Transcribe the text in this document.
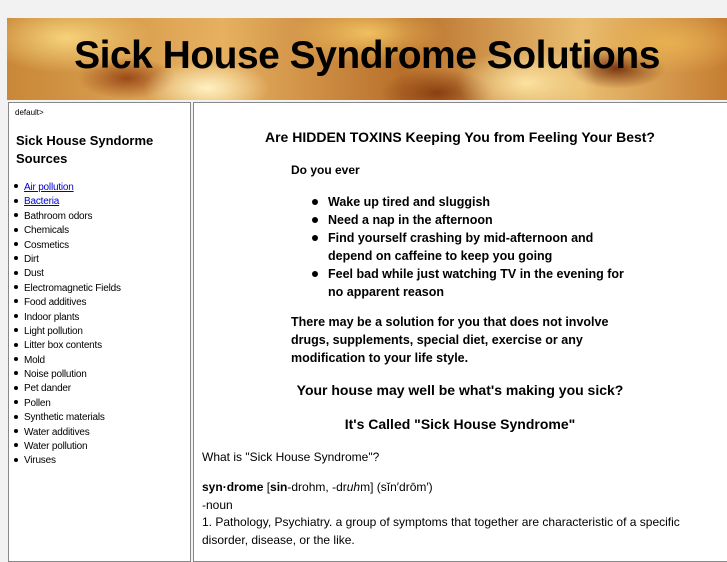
Sick House Syndrome Solutions
default>
Sick House Syndorme Sources
Air pollution
Bacteria
Bathroom odors
Chemicals
Cosmetics
Dirt
Dust
Electromagnetic Fields
Food additives
Indoor plants
Light pollution
Litter box contents
Mold
Noise pollution
Pet dander
Pollen
Synthetic materials
Water additives
Water pollution
Viruses
Are HIDDEN TOXINS Keeping You from Feeling Your Best?
Do you ever
Wake up tired and sluggish
Need a nap in the afternoon
Find yourself crashing by mid-afternoon and depend on caffeine to keep you going
Feel bad while just watching TV in the evening for no apparent reason
There may be a solution for you that does not involve drugs, supplements, special diet, exercise or any modification to your life style.
Your house may well be what's making you sick?
It's Called "Sick House Syndrome"
What is "Sick House Syndrome"?
syn·drome [sin-drohm, -druhm] (sĭn′drōm′)
-noun
1. Pathology, Psychiatry. a group of symptoms that together are characteristic of a specific disorder, disease, or the like.
